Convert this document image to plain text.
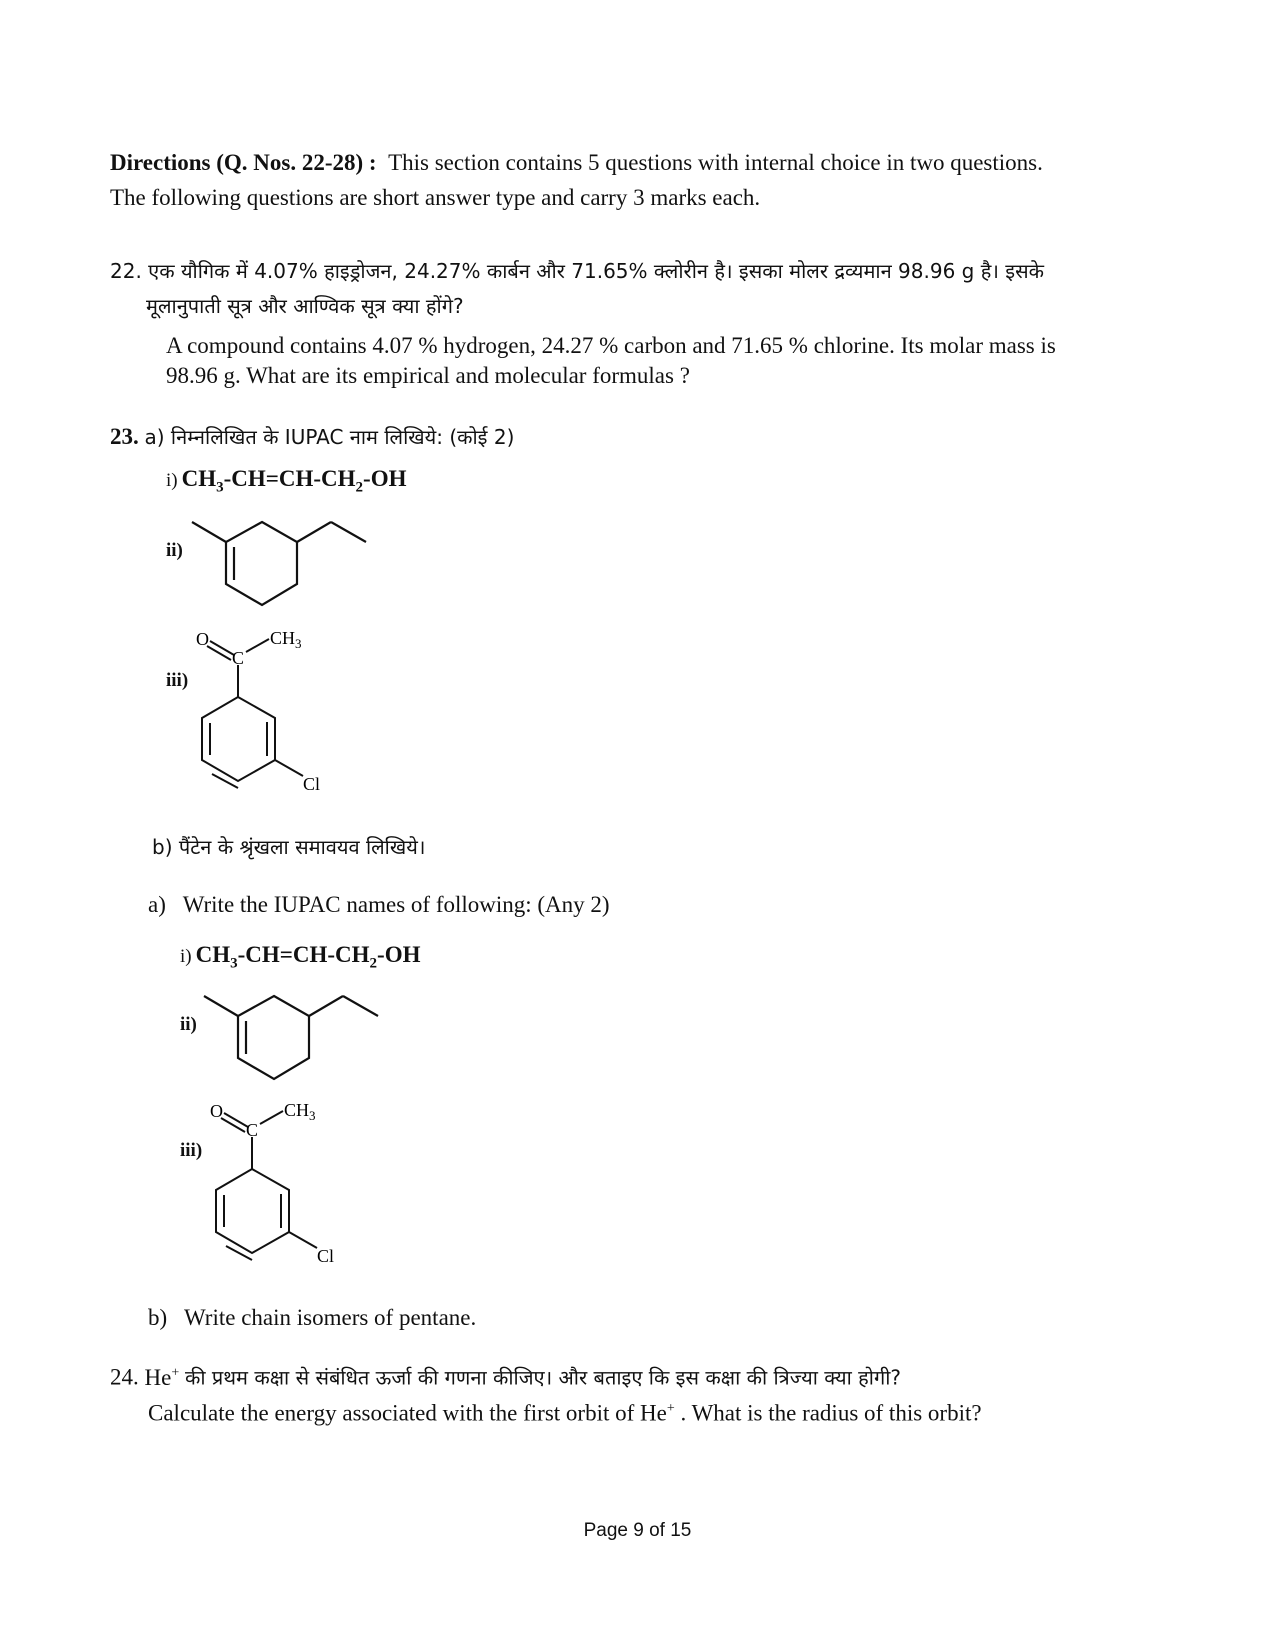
Directions (Q. Nos. 22-28) : This section contains 5 questions with internal choice in two questions.
The following questions are short answer type and carry 3 marks each.
22. एक यौगिक में 4.07% हाइड्रोजन, 24.27% कार्बन और 71.65% क्लोरीन है। इसका मोलर द्रव्यमान 98.96 g है। इसके
मूलानुपाती सूत्र और आण्विक सूत्र क्या होंगे?
A compound contains 4.07 % hydrogen, 24.27 % carbon and 71.65 % chlorine. Its molar mass is
98.96 g. What are its empirical and molecular formulas ?
23. a) निम्नलिखित के IUPAC नाम लिखिये: (कोई 2)
i) $CH_3-CH=CH-CH_2-OH$
ii)
iii)
O
C
$CH_3$
Cl
b) पैंटेन के श्रृंखला समावयव लिखिये।
a) Write the IUPAC names of following: (Any 2)
i) $CH_3-CH=CH-CH_2-OH$
ii)
iii)
O
C
$CH_3$
Cl
b) Write chain isomers of pentane.
24. He+ की प्रथम कक्षा से संबंधित ऊर्जा की गणना कीजिए। और बताइए कि इस कक्षा की त्रिज्या क्या होगी?
Calculate the energy associated with the first orbit of He+ . What is the radius of this orbit?
Page 9 of 15
